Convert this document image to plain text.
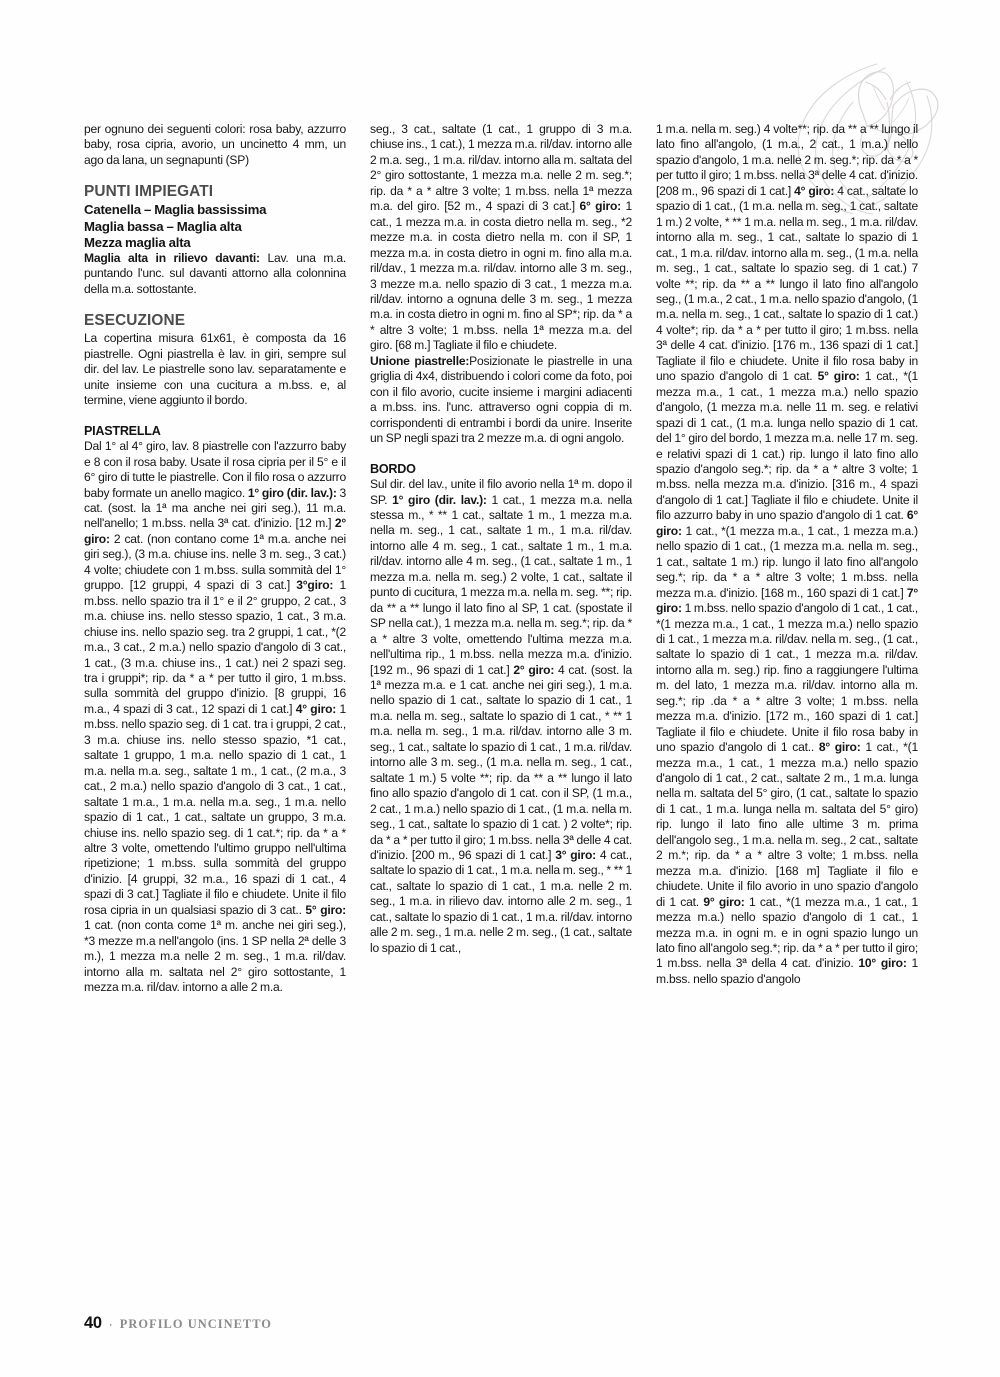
per ognuno dei seguenti colori: rosa baby, azzurro baby, rosa cipria, avorio, un uncinetto 4 mm, un ago da lana, un segnapunti (SP)

PUNTI IMPIEGATI
Catenella – Maglia bassissima
Maglia bassa – Maglia alta
Mezza maglia alta

Maglia alta in rilievo davanti: Lav. una m.a. puntando l'unc. sul davanti attorno alla colonnina della m.a. sottostante.

ESECUZIONE

La copertina misura 61x61, è composta da 16 piastrelle. Ogni piastrella è lav. in giri, sempre sul dir. del lav. Le piastrelle sono lav. separatamente e unite insieme con una cucitura a m.bss. e, al termine, viene aggiunto il bordo.

PIASTRELLA

Dal 1° al 4° giro, lav. 8 piastrelle con l'azzurro baby e 8 con il rosa baby. Usate il rosa cipria per il 5° e il 6° giro di tutte le piastrelle. Con il filo rosa o azzurro baby formate un anello magico. 1° giro (dir. lav.): 3 cat. (sost. la 1ª ma anche nei giri seg.), 11 m.a. nell'anello; 1 m.bss. nella 3ª cat. d'inizio. [12 m.] 2° giro: 2 cat. (non contano come 1ª m.a. anche nei giri seg.), (3 m.a. chiuse ins. nelle 3 m. seg., 3 cat.) 4 volte; chiudete con 1 m.bss. sulla sommità del 1° gruppo. [12 gruppi, 4 spazi di 3 cat.] 3°giro: 1 m.bss. nello spazio tra il 1° e il 2° gruppo, 2 cat., 3 m.a. chiuse ins. nello stesso spazio, 1 cat., 3 m.a. chiuse ins. nello spazio seg. tra 2 gruppi, 1 cat., *(2 m.a., 3 cat., 2 m.a.) nello spazio d'angolo di 3 cat., 1 cat., (3 m.a. chiuse ins., 1 cat.) nei 2 spazi seg. tra i gruppi*; rip. da * a * per tutto il giro, 1 m.bss. sulla sommità del gruppo d'inizio. [8 gruppi, 16 m.a., 4 spazi di 3 cat., 12 spazi di 1 cat.] 4° giro: 1 m.bss. nello spazio seg. di 1 cat. tra i gruppi, 2 cat., 3 m.a. chiuse ins. nello stesso spazio, *1 cat., saltate 1 gruppo, 1 m.a. nello spazio di 1 cat., 1 m.a. nella m.a. seg., saltate 1 m., 1 cat., (2 m.a., 3 cat., 2 m.a.) nello spazio d'angolo di 3 cat., 1 cat., saltate 1 m.a., 1 m.a. nella m.a. seg., 1 m.a. nello spazio di 1 cat., 1 cat., saltate un gruppo, 3 m.a. chiuse ins. nello spazio seg. di 1 cat.*; rip. da * a * altre 3 volte, omettendo l'ultimo gruppo nell'ultima ripetizione; 1 m.bss. sulla sommità del gruppo d'inizio. [4 gruppi, 32 m.a., 16 spazi di 1 cat., 4 spazi di 3 cat.] Tagliate il filo e chiudete. Unite il filo rosa cipria in un qualsiasi spazio di 3 cat.. 5° giro: 1 cat. (non conta come 1ª m. anche nei giri seg.), *3 mezze m.a nell'angolo (ins. 1 SP nella 2ª delle 3 m.), 1 mezza m.a nelle 2 m. seg., 1 m.a. ril/dav. intorno alla m. saltata nel 2° giro sottostante, 1 mezza m.a. ril/dav. intorno a alle 2 m.a.

seg., 3 cat., saltate (1 cat., 1 gruppo di 3 m.a. chiuse ins., 1 cat.), 1 mezza m.a. ril/dav. intorno alle 2 m.a. seg., 1 m.a. ril/dav. intorno alla m. saltata del 2° giro sottostante, 1 mezza m.a. nelle 2 m. seg.*; rip. da * a * altre 3 volte; 1 m.bss. nella 1ª mezza m.a. del giro. [52 m., 4 spazi di 3 cat.] 6° giro: 1 cat., 1 mezza m.a. in costa dietro nella m. seg., *2 mezze m.a. in costa dietro nella m. con il SP, 1 mezza m.a. in costa dietro in ogni m. fino alla m.a. ril/dav., 1 mezza m.a. ril/dav. intorno alle 3 m. seg., 3 mezze m.a. nello spazio di 3 cat., 1 mezza m.a. ril/dav. intorno a ognuna delle 3 m. seg., 1 mezza m.a. in costa dietro in ogni m. fino al SP*; rip. da * a * altre 3 volte; 1 m.bss. nella 1ª mezza m.a. del giro. [68 m.] Tagliate il filo e chiudete.

Unione piastrelle:Posizionate le piastrelle in una griglia di 4x4, distribuendo i colori come da foto, poi con il filo avorio, cucite insieme i margini adiacenti a m.bss. ins. l'unc. attraverso ogni coppia di m. corrispondenti di entrambi i bordi da unire. Inserite un SP negli spazi tra 2 mezze m.a. di ogni angolo.

BORDO

Sul dir. del lav., unite il filo avorio nella 1ª m. dopo il SP. 1° giro (dir. lav.): 1 cat., 1 mezza m.a. nella stessa m., * ** 1 cat., saltate 1 m., 1 mezza m.a. nella m. seg., 1 cat., saltate 1 m., 1 m.a. ril/dav. intorno alle 4 m. seg., 1 cat., saltate 1 m., 1 m.a. ril/dav. intorno alle 4 m. seg., (1 cat., saltate 1 m., 1 mezza m.a. nella m. seg.) 2 volte, 1 cat., saltate il punto di cucitura, 1 mezza m.a. nella m. seg. **; rip. da ** a ** lungo il lato fino al SP, 1 cat. (spostate il SP nella cat.), 1 mezza m.a. nella m. seg.*; rip. da * a * altre 3 volte, omettendo l'ultima mezza m.a. nell'ultima rip., 1 m.bss. nella mezza m.a. d'inizio. [192 m., 96 spazi di 1 cat.] 2° giro: 4 cat. (sost. la 1ª mezza m.a. e 1 cat. anche nei giri seg.), 1 m.a. nello spazio di 1 cat., saltate lo spazio di 1 cat., 1 m.a. nella m. seg., saltate lo spazio di 1 cat., * ** 1 m.a. nella m. seg., 1 m.a. ril/dav. intorno alle 3 m. seg., 1 cat., saltate lo spazio di 1 cat., 1 m.a. ril/dav. intorno alle 3 m. seg., (1 m.a. nella m. seg., 1 cat., saltate 1 m.) 5 volte **; rip. da ** a ** lungo il lato fino allo spazio d'angolo di 1 cat. con il SP, (1 m.a., 2 cat., 1 m.a.) nello spazio di 1 cat., (1 m.a. nella m. seg., 1 cat., saltate lo spazio di 1 cat. ) 2 volte*; rip. da * a * per tutto il giro; 1 m.bss. nella 3ª delle 4 cat. d'inizio. [200 m., 96 spazi di 1 cat.] 3° giro: 4 cat., saltate lo spazio di 1 cat., 1 m.a. nella m. seg., * ** 1 cat., saltate lo spazio di 1 cat., 1 m.a. nelle 2 m. seg., 1 m.a. in rilievo dav. intorno alle 2 m. seg., 1 cat., saltate lo spazio di 1 cat., 1 m.a. ril/dav. intorno alle 2 m. seg., 1 m.a. nelle 2 m. seg., (1 cat., saltate lo spazio di 1 cat.,

1 m.a. nella m. seg.) 4 volte**; rip. da ** a ** lungo il lato fino all'angolo, (1 m.a., 2 cat., 1 m.a.) nello spazio d'angolo, 1 m.a. nelle 2 m. seg.*; rip. da * a * per tutto il giro; 1 m.bss. nella 3ª delle 4 cat. d'inizio. [208 m., 96 spazi di 1 cat.] 4° giro: 4 cat., saltate lo spazio di 1 cat., (1 m.a. nella m. seg., 1 cat., saltate 1 m.) 2 volte, * ** 1 m.a. nella m. seg., 1 m.a. ril/dav. intorno alla m. seg., 1 cat., saltate lo spazio di 1 cat., 1 m.a. ril/dav. intorno alla m. seg., (1 m.a. nella m. seg., 1 cat., saltate lo spazio seg. di 1 cat.) 7 volte **; rip. da ** a ** lungo il lato fino all'angolo seg., (1 m.a., 2 cat., 1 m.a. nello spazio d'angolo, (1 m.a. nella m. seg., 1 cat., saltate lo spazio di 1 cat.) 4 volte*; rip. da * a * per tutto il giro; 1 m.bss. nella 3ª delle 4 cat. d'inizio. [176 m., 136 spazi di 1 cat.] Tagliate il filo e chiudete. Unite il filo rosa baby in uno spazio d'angolo di 1 cat. 5° giro: 1 cat., *(1 mezza m.a., 1 cat., 1 mezza m.a.) nello spazio d'angolo, (1 mezza m.a. nelle 11 m. seg. e relativi spazi di 1 cat., (1 m.a. lunga nello spazio di 1 cat. del 1° giro del bordo, 1 mezza m.a. nelle 17 m. seg. e relativi spazi di 1 cat.) rip. lungo il lato fino allo spazio d'angolo seg.*; rip. da * a * altre 3 volte; 1 m.bss. nella mezza m.a. d'inizio. [316 m., 4 spazi d'angolo di 1 cat.] Tagliate il filo e chiudete. Unite il filo azzurro baby in uno spazio d'angolo di 1 cat. 6° giro: 1 cat., *(1 mezza m.a., 1 cat., 1 mezza m.a.) nello spazio di 1 cat., (1 mezza m.a. nella m. seg., 1 cat., saltate 1 m.) rip. lungo il lato fino all'angolo seg.*; rip. da * a * altre 3 volte; 1 m.bss. nella mezza m.a. d'inizio. [168 m., 160 spazi di 1 cat.] 7° giro: 1 m.bss. nello spazio d'angolo di 1 cat., 1 cat., *(1 mezza m.a., 1 cat., 1 mezza m.a.) nello spazio di 1 cat., 1 mezza m.a. ril/dav. nella m. seg., (1 cat., saltate lo spazio di 1 cat., 1 mezza m.a. ril/dav. intorno alla m. seg.) rip. fino a raggiungere l'ultima m. del lato, 1 mezza m.a. ril/dav. intorno alla m. seg.*; rip .da * a * altre 3 volte; 1 m.bss. nella mezza m.a. d'inizio. [172 m., 160 spazi di 1 cat.] Tagliate il filo e chiudete. Unite il filo rosa baby in uno spazio d'angolo di 1 cat.. 8° giro: 1 cat., *(1 mezza m.a., 1 cat., 1 mezza m.a.) nello spazio d'angolo di 1 cat., 2 cat., saltate 2 m., 1 m.a. lunga nella m. saltata del 5° giro, (1 cat., saltate lo spazio di 1 cat., 1 m.a. lunga nella m. saltata del 5° giro) rip. lungo il lato fino alle ultime 3 m. prima dell'angolo seg., 1 m.a. nella m. seg., 2 cat., saltate 2 m.*; rip. da * a * altre 3 volte; 1 m.bss. nella mezza m.a. d'inizio. [168 m] Tagliate il filo e chiudete. Unite il filo avorio in uno spazio d'angolo di 1 cat. 9° giro: 1 cat., *(1 mezza m.a., 1 cat., 1 mezza m.a.) nello spazio d'angolo di 1 cat., 1 mezza m.a. in ogni m. e in ogni spazio lungo un lato fino all'angolo seg.*; rip. da * a * per tutto il giro; 1 m.bss. nella 3ª della 4 cat. d'inizio. 10° giro: 1 m.bss. nello spazio d'angolo

40 · PROFILO UNCINETTO
